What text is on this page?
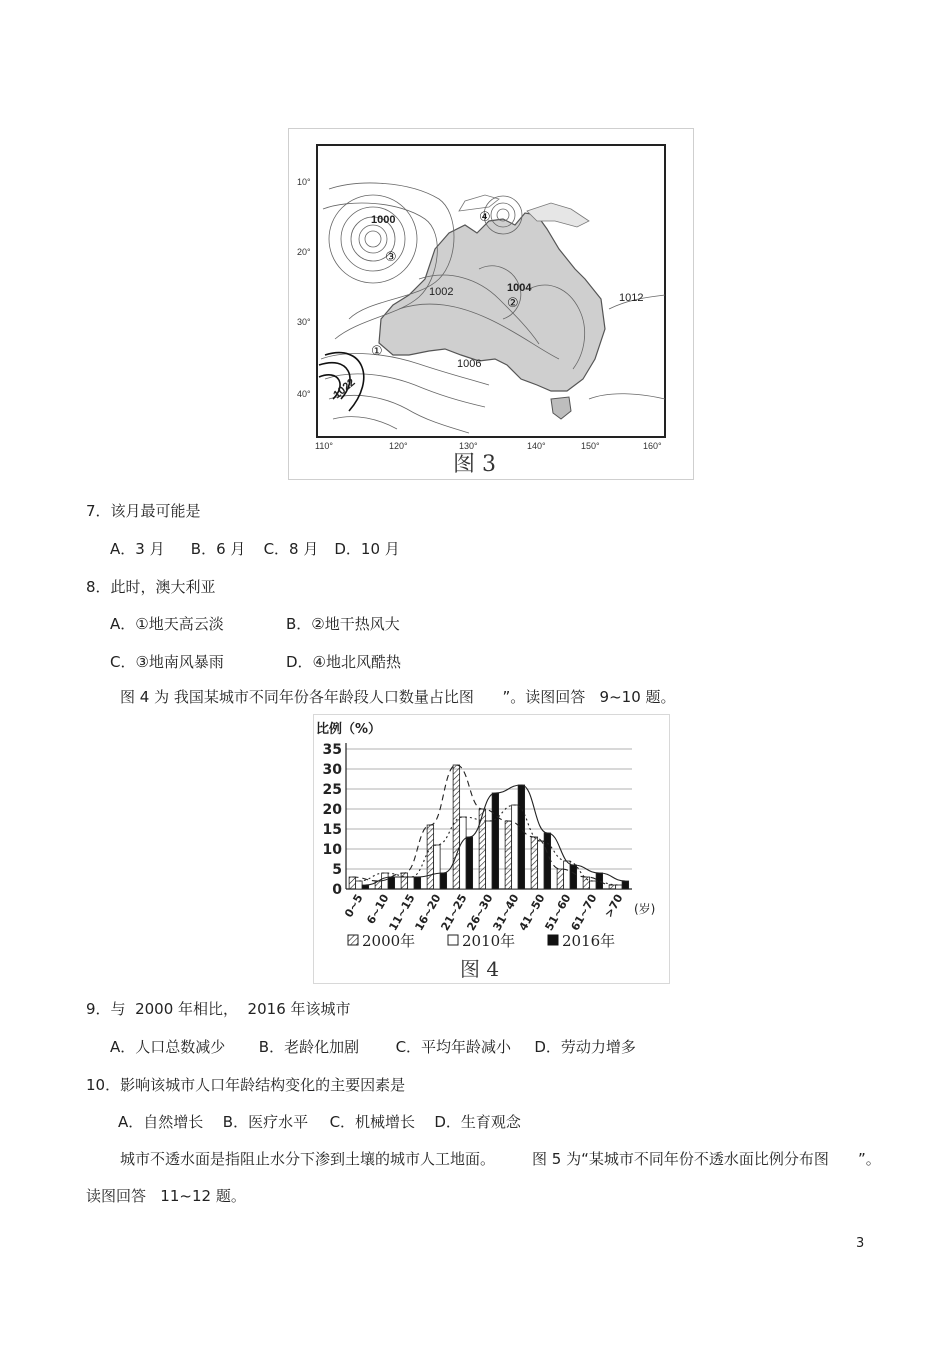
10°
20°
30°
40°
110°	120°	130°	140°	150°	160°
1000
1002	1004
1006
1012
1022
①
②
③
④
图 3
7．该月最可能是
A．3 月 B．6 月 C．8 月 D．10 月
8．此时，澳大利亚
A．①地天高云淡	B．②地干热风大
C．③地南风暴雨	D．④地北风酷热
图 4 为 我国某城市不同年份各年龄段人口数量占比图      ”。读图回答   9~10 题。
比例（%）
0
5
10
15
20
25
30
35
0~5
6~10
11~15
16~20
21~25
26~30
31~40
41~50
51~60
61~70 >70 (岁)
2000年	2010年	2016年
图 4
9．与  2000 年相比，  2016 年该城市
A．人口总数减少 B．老龄化加剧 C．平均年龄减小 D．劳动力增多
10．影响该城市人口年龄结构变化的主要因素是
A．自然增长 B．医疗水平 C．机械增长 D．生育观念
城市不透水面是指阻止水分下渗到土壤的城市人工地面。 图 5 为“某城市不同年份不透水面比例分布图 ”。
读图回答   11~12 题。
3
